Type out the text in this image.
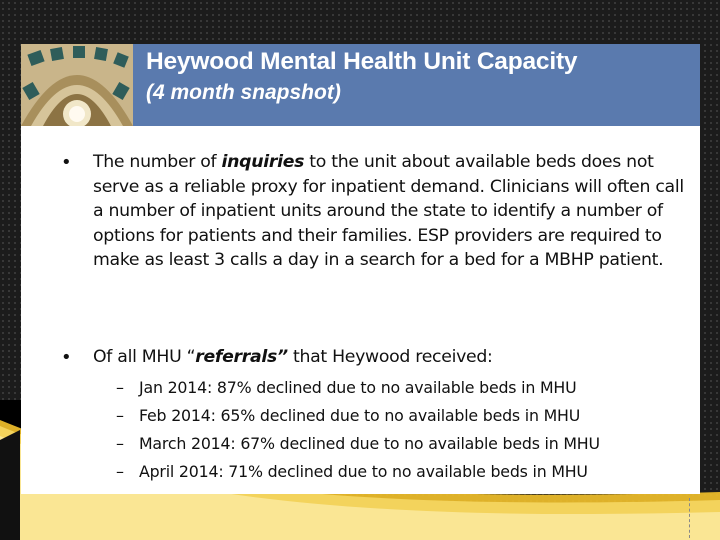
Heywood Mental Health Unit Capacity
(4 month snapshot)
• The number of inquiries to the unit about available beds does not serve as a reliable proxy for inpatient demand. Clinicians will often call a number of inpatient units around the state to identify a number of options for patients and their families. ESP providers are required to make as least 3 calls a day in a search for a bed for a MBHP patient.
• Of all MHU “referrals” that Heywood received:
– Jan 2014: 87% declined due to no available beds in MHU
– Feb 2014: 65% declined due to no available beds in MHU
– March 2014: 67% declined due to no available beds in MHU
– April 2014: 71% declined due to no available beds in MHU
